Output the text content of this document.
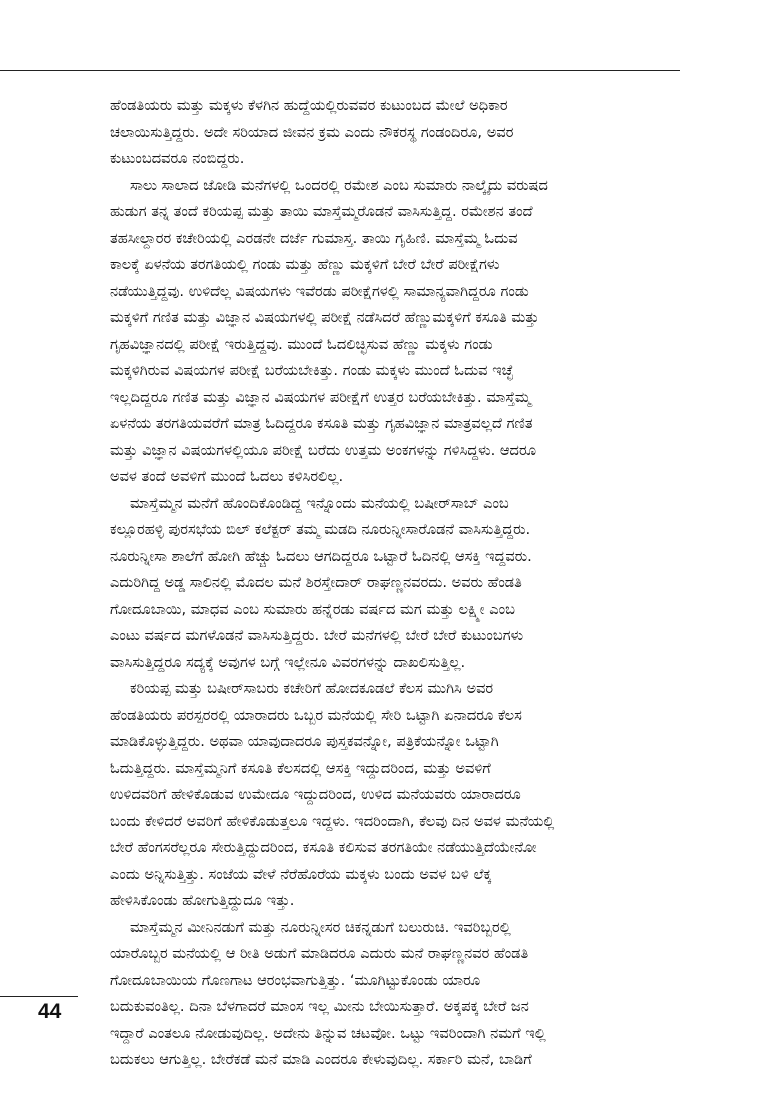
ಹೆಂಡತಿಯರು ಮತ್ತು ಮಕ್ಕಳು ಕೆಳಗಿನ ಹುದ್ದೆಯಲ್ಲಿರುವವರ ಕುಟುಂಬದ ಮೇಲೆ ಅಧಿಕಾರ
ಚಲಾಯಿಸುತ್ತಿದ್ದರು. ಅದೇ ಸರಿಯಾದ ಜೀವನ ಕ್ರಮ ಎಂದು ನೌಕರಸ್ಥ ಗಂಡಂದಿರೂ, ಅವರ
ಕುಟುಂಬದವರೂ ನಂಬಿದ್ದರು.
ಸಾಲು ಸಾಲಾದ ಜೋಡಿ ಮನೆಗಳಲ್ಲಿ ಒಂದರಲ್ಲಿ ರಮೇಶ ಎಂಬ ಸುಮಾರು ನಾಲ್ಕೈದು ವರುಷದ
ಹುಡುಗ ತನ್ನ ತಂದೆ ಕರಿಯಪ್ಪ ಮತ್ತು ತಾಯಿ ಮಾಸ್ತೆಮ್ಮರೊಡನೆ ವಾಸಿಸುತ್ತಿದ್ದ. ರಮೇಶನ ತಂದೆ
ತಹಸೀಲ್ದಾರರ ಕಚೇರಿಯಲ್ಲಿ ಎರಡನೇ ದರ್ಜೆ ಗುಮಾಸ್ತ. ತಾಯಿ ಗೃಹಿಣಿ. ಮಾಸ್ತೆಮ್ಮ ಓದುವ
ಕಾಲಕ್ಕೆ ಏಳನೆಯ ತರಗತಿಯಲ್ಲಿ ಗಂಡು ಮತ್ತು ಹೆಣ್ಣು ಮಕ್ಕಳಿಗೆ ಬೇರೆ ಬೇರೆ ಪರೀಕ್ಷೆಗಳು
ನಡೆಯುತ್ತಿದ್ದವು. ಉಳಿದೆಲ್ಲ ವಿಷಯಗಳು ಇವೆರಡು ಪರೀಕ್ಷೆಗಳಲ್ಲಿ ಸಾಮಾನ್ಯವಾಗಿದ್ದರೂ ಗಂಡು
ಮಕ್ಕಳಿಗೆ ಗಣಿತ ಮತ್ತು ವಿಜ್ಞಾನ ವಿಷಯಗಳಲ್ಲಿ ಪರೀಕ್ಷೆ ನಡೆಸಿದರೆ ಹೆಣ್ಣುಮಕ್ಕಳಿಗೆ ಕಸೂತಿ ಮತ್ತು
ಗೃಹವಿಜ್ಞಾನದಲ್ಲಿ ಪರೀಕ್ಷೆ ಇರುತ್ತಿದ್ದವು. ಮುಂದೆ ಓದಲಿಚ್ಛಿಸುವ ಹೆಣ್ಣು ಮಕ್ಕಳು ಗಂಡು
ಮಕ್ಕಳಿಗಿರುವ ವಿಷಯಗಳ ಪರೀಕ್ಷೆ ಬರೆಯಬೇಕಿತ್ತು. ಗಂಡು ಮಕ್ಕಳು ಮುಂದೆ ಓದುವ ಇಚ್ಛೆ
ಇಲ್ಲದಿದ್ದರೂ ಗಣಿತ ಮತ್ತು ವಿಜ್ಞಾನ ವಿಷಯಗಳ ಪರೀಕ್ಷೆಗೆ ಉತ್ತರ ಬರೆಯಬೇಕಿತ್ತು. ಮಾಸ್ತೆಮ್ಮ
ಏಳನೆಯ ತರಗತಿಯವರೆಗೆ ಮಾತ್ರ ಓದಿದ್ದರೂ ಕಸೂತಿ ಮತ್ತು ಗೃಹವಿಜ್ಞಾನ ಮಾತ್ರವಲ್ಲದೆ ಗಣಿತ
ಮತ್ತು ವಿಜ್ಞಾನ ವಿಷಯಗಳಲ್ಲಿಯೂ ಪರೀಕ್ಷೆ ಬರೆದು ಉತ್ತಮ ಅಂಕಗಳನ್ನು ಗಳಿಸಿದ್ದಳು. ಆದರೂ
ಅವಳ ತಂದೆ ಅವಳಿಗೆ ಮುಂದೆ ಓದಲು ಕಳಿಸಿರಲಿಲ್ಲ.
ಮಾಸ್ತೆಮ್ಮನ ಮನೆಗೆ ಹೊಂದಿಕೊಂಡಿದ್ದ ಇನ್ನೊಂದು ಮನೆಯಲ್ಲಿ ಬಷೀರ್‌ಸಾಬ್ ಎಂಬ
ಕಲ್ಲೂರಹಳ್ಳಿ ಪುರಸಭೆಯ ಬಿಲ್ ಕಲೆಕ್ಟರ್ ತಮ್ಮ ಮಡದಿ ನೂರುನ್ನೀಸಾರೊಡನೆ ವಾಸಿಸುತ್ತಿದ್ದರು.
ನೂರುನ್ನೀಸಾ ಶಾಲೆಗೆ ಹೋಗಿ ಹೆಚ್ಚು ಓದಲು ಆಗದಿದ್ದರೂ ಒಟ್ಟಾರೆ ಓದಿನಲ್ಲಿ ಆಸಕ್ತಿ ಇದ್ದವರು.
ಎದುರಿಗಿದ್ದ ಅಡ್ಡ ಸಾಲಿನಲ್ಲಿ ಮೊದಲ ಮನೆ ಶಿರಸ್ತೇದಾರ್ ರಾಘಣ್ಣನವರದು. ಅವರು ಹೆಂಡತಿ
ಗೋದೂಬಾಯಿ, ಮಾಧವ ಎಂಬ ಸುಮಾರು ಹನ್ನೆರಡು ವರ್ಷದ ಮಗ ಮತ್ತು ಲಕ್ಷ್ಮೀ ಎಂಬ
ಎಂಟು ವರ್ಷದ ಮಗಳೊಡನೆ ವಾಸಿಸುತ್ತಿದ್ದರು. ಬೇರೆ ಮನೆಗಳಲ್ಲಿ ಬೇರೆ ಬೇರೆ ಕುಟುಂಬಗಳು
ವಾಸಿಸುತ್ತಿದ್ದರೂ ಸದ್ಯಕ್ಕೆ ಅವುಗಳ ಬಗ್ಗೆ ಇಲ್ಲೇನೂ ವಿವರಗಳನ್ನು ದಾಖಲಿಸುತ್ತಿಲ್ಲ.
ಕರಿಯಪ್ಪ ಮತ್ತು ಬಷೀರ್‌ಸಾಬರು ಕಚೇರಿಗೆ ಹೋದಕೂಡಲೆ ಕೆಲಸ ಮುಗಿಸಿ ಅವರ
ಹೆಂಡತಿಯರು ಪರಸ್ಪರರಲ್ಲಿ ಯಾರಾದರು ಒಬ್ಬರ ಮನೆಯಲ್ಲಿ ಸೇರಿ ಒಟ್ಟಾಗಿ ಏನಾದರೂ ಕೆಲಸ
ಮಾಡಿಕೊಳ್ಳುತ್ತಿದ್ದರು. ಅಥವಾ ಯಾವುದಾದರೂ ಪುಸ್ತಕವನ್ನೋ, ಪತ್ರಿಕೆಯನ್ನೋ ಒಟ್ಟಾಗಿ
ಓದುತ್ತಿದ್ದರು. ಮಾಸ್ತೆಮ್ಮನಿಗೆ ಕಸೂತಿ ಕೆಲಸದಲ್ಲಿ ಆಸಕ್ತಿ ಇದ್ದುದರಿಂದ, ಮತ್ತು ಅವಳಿಗೆ
ಉಳಿದವರಿಗೆ ಹೇಳಿಕೊಡುವ ಉಮೇದೂ ಇದ್ದುದರಿಂದ, ಉಳಿದ ಮನೆಯವರು ಯಾರಾದರೂ
ಬಂದು ಕೇಳಿದರೆ ಅವರಿಗೆ ಹೇಳಿಕೊಡುತ್ತಲೂ ಇದ್ದಳು. ಇದರಿಂದಾಗಿ, ಕೆಲವು ದಿನ ಅವಳ ಮನೆಯಲ್ಲಿ
ಬೇರೆ ಹೆಂಗಸರೆಲ್ಲರೂ ಸೇರುತ್ತಿದ್ದುದರಿಂದ, ಕಸೂತಿ ಕಲಿಸುವ ತರಗತಿಯೇ ನಡೆಯುತ್ತಿದೆಯೇನೋ
ಎಂದು ಅನ್ನಿಸುತ್ತಿತ್ತು. ಸಂಜೆಯ ವೇಳೆ ನೆರೆಹೊರೆಯ ಮಕ್ಕಳು ಬಂದು ಅವಳ ಬಳಿ ಲೆಕ್ಕ
ಹೇಳಿಸಿಕೊಂಡು ಹೋಗುತ್ತಿದ್ದುದೂ ಇತ್ತು.
ಮಾಸ್ತೆಮ್ಮನ ಮೀನಿನಡುಗೆ ಮತ್ತು ನೂರುನ್ನೀಸರ ಚಿಕನ್ನಡುಗೆ ಬಲುರುಚಿ. ಇವರಿಬ್ಬರಲ್ಲಿ
ಯಾರೊಬ್ಬರ ಮನೆಯಲ್ಲಿ ಆ ರೀತಿ ಅಡುಗೆ ಮಾಡಿದರೂ ಎದುರು ಮನೆ ರಾಘಣ್ಣನವರ ಹೆಂಡತಿ
ಗೋದೂಬಾಯಿಯ ಗೊಣಗಾಟ ಆರಂಭವಾಗುತ್ತಿತ್ತು. ‘ಮೂಗಿಟ್ಟುಕೊಂಡು ಯಾರೂ
ಬದುಕುವಂತಿಲ್ಲ. ದಿನಾ ಬೆಳಗಾದರೆ ಮಾಂಸ ಇಲ್ಲ ಮೀನು ಬೇಯಿಸುತ್ತಾರೆ. ಅಕ್ಕಪಕ್ಕ ಬೇರೆ ಜನ
ಇದ್ದಾರೆ ಎಂತಲೂ ನೋಡುವುದಿಲ್ಲ. ಅದೇನು ತಿನ್ನುವ ಚಟವೋ. ಒಟ್ಟು ಇವರಿಂದಾಗಿ ನಮಗೆ ಇಲ್ಲಿ
ಬದುಕಲು ಆಗುತ್ತಿಲ್ಲ. ಬೇರೆಕಡೆ ಮನೆ ಮಾಡಿ ಎಂದರೂ ಕೇಳುವುದಿಲ್ಲ. ಸರ್ಕಾರಿ ಮನೆ, ಬಾಡಿಗೆ
44
